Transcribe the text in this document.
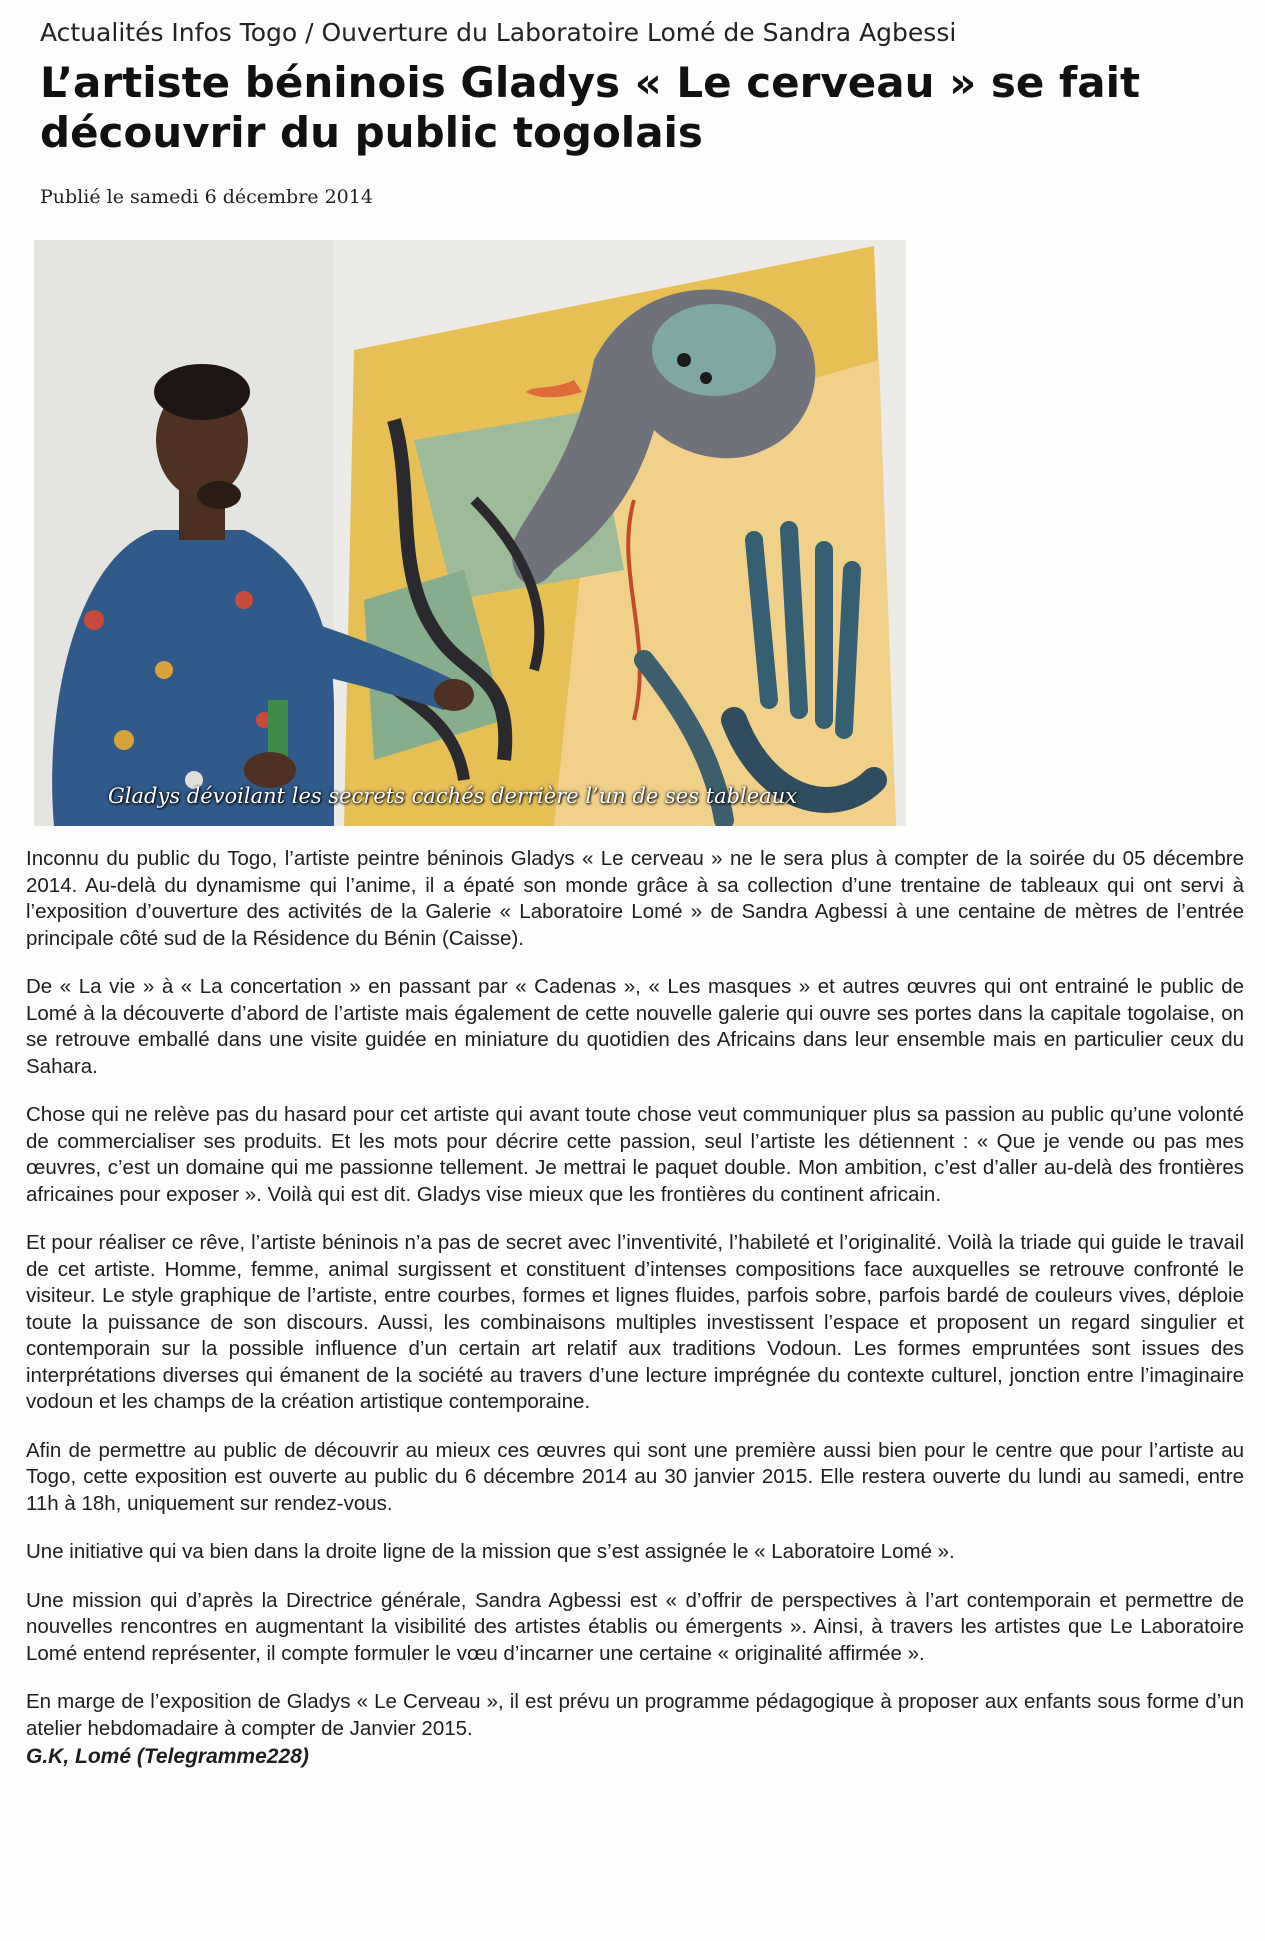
Actualités Infos Togo / Ouverture du Laboratoire Lomé de Sandra Agbessi
L’artiste béninois Gladys « Le cerveau » se fait découvrir du public togolais
Publié le samedi 6 décembre 2014
Gladys dévoilant les secrets cachés derrière l’un de ses tableaux

Inconnu du public du Togo, l’artiste peintre béninois Gladys « Le cerveau » ne le sera plus à compter de la soirée du 05 décembre 2014. Au-delà du dynamisme qui l’anime, il a épaté son monde grâce à sa collection d’une trentaine de tableaux qui ont servi à l’exposition d’ouverture des activités de la Galerie « Laboratoire Lomé » de Sandra Agbessi à une centaine de mètres de l’entrée principale côté sud de la Résidence du Bénin (Caisse).

De « La vie » à « La concertation » en passant par « Cadenas », « Les masques » et autres œuvres qui ont entrainé le public de Lomé à la découverte d’abord de l’artiste mais également de cette nouvelle galerie qui ouvre ses portes dans la capitale togolaise, on se retrouve emballé dans une visite guidée en miniature du quotidien des Africains dans leur ensemble mais en particulier ceux du Sahara.

Chose qui ne relève pas du hasard pour cet artiste qui avant toute chose veut communiquer plus sa passion au public qu’une volonté de commercialiser ses produits. Et les mots pour décrire cette passion, seul l’artiste les détiennent : « Que je vende ou pas mes œuvres, c’est un domaine qui me passionne tellement. Je mettrai le paquet double. Mon ambition, c’est d’aller au-delà des frontières africaines pour exposer ». Voilà qui est dit. Gladys vise mieux que les frontières du continent africain.

Et pour réaliser ce rêve, l’artiste béninois n’a pas de secret avec l’inventivité, l’habileté et l’originalité. Voilà la triade qui guide le travail de cet artiste. Homme, femme, animal surgissent et constituent d’intenses compositions face auxquelles se retrouve confronté le visiteur. Le style graphique de l’artiste, entre courbes, formes et lignes fluides, parfois sobre, parfois bardé de couleurs vives, déploie toute la puissance de son discours. Aussi, les combinaisons multiples investissent l’espace et proposent un regard singulier et contemporain sur la possible influence d’un certain art relatif aux traditions Vodoun. Les formes empruntées sont issues des interprétations diverses qui émanent de la société au travers d’une lecture imprégnée du contexte culturel, jonction entre l’imaginaire vodoun et les champs de la création artistique contemporaine.

Afin de permettre au public de découvrir au mieux ces œuvres qui sont une première aussi bien pour le centre que pour l’artiste au Togo, cette exposition est ouverte au public du 6 décembre 2014 au 30 janvier 2015. Elle restera ouverte du lundi au samedi, entre 11h à 18h, uniquement sur rendez-vous.

Une initiative qui va bien dans la droite ligne de la mission que s’est assignée le « Laboratoire Lomé ».

Une mission qui d’après la Directrice générale, Sandra Agbessi est « d’offrir de perspectives à l’art contemporain et permettre de nouvelles rencontres en augmentant la visibilité des artistes établis ou émergents ». Ainsi, à travers les artistes que Le Laboratoire Lomé entend représenter, il compte formuler le vœu d’incarner une certaine « originalité affirmée ».

En marge de l’exposition de Gladys « Le Cerveau », il est prévu un programme pédagogique à proposer aux enfants sous forme d’un atelier hebdomadaire à compter de Janvier 2015.

G.K, Lomé (Telegramme228)
